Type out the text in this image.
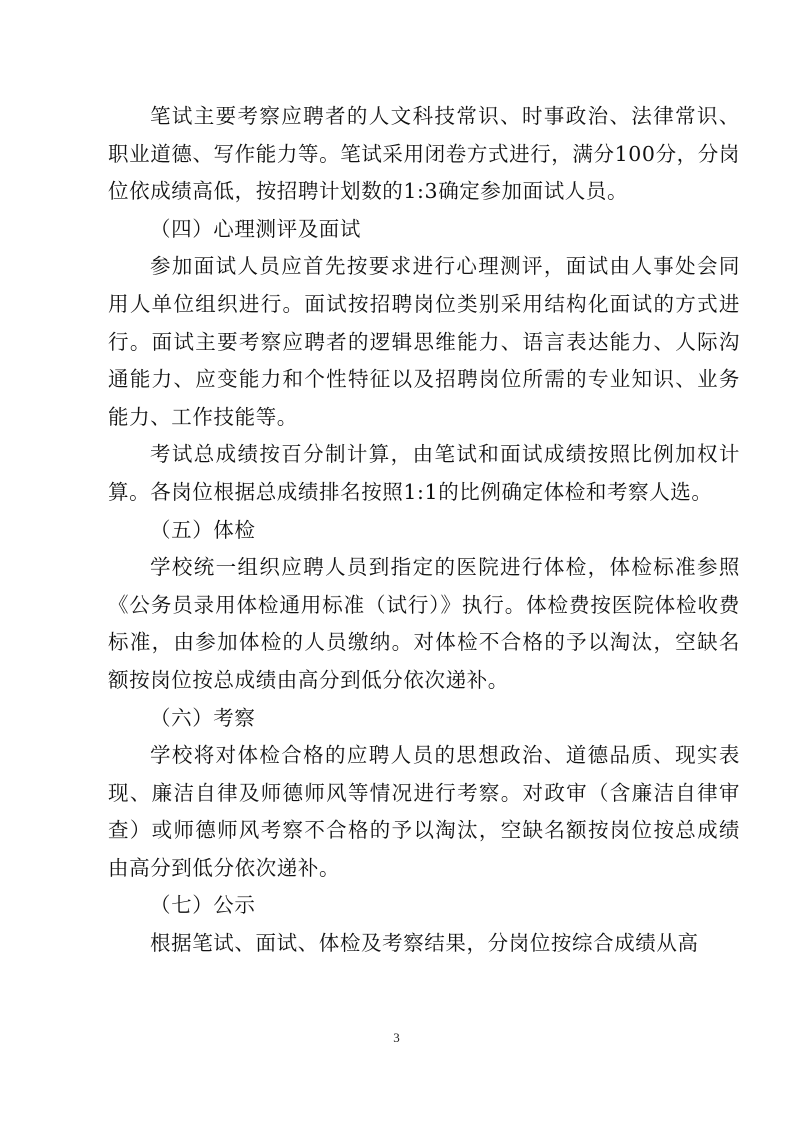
笔试主要考察应聘者的人文科技常识、时事政治、法律常识、职业道德、写作能力等。笔试采用闭卷方式进行，满分100分，分岗位依成绩高低，按招聘计划数的1:3确定参加面试人员。

（四）心理测评及面试

参加面试人员应首先按要求进行心理测评，面试由人事处会同用人单位组织进行。面试按招聘岗位类别采用结构化面试的方式进行。面试主要考察应聘者的逻辑思维能力、语言表达能力、人际沟通能力、应变能力和个性特征以及招聘岗位所需的专业知识、业务能力、工作技能等。

考试总成绩按百分制计算，由笔试和面试成绩按照比例加权计算。各岗位根据总成绩排名按照1:1的比例确定体检和考察人选。

（五）体检

学校统一组织应聘人员到指定的医院进行体检，体检标准参照《公务员录用体检通用标准（试行）》执行。体检费按医院体检收费标准，由参加体检的人员缴纳。对体检不合格的予以淘汰，空缺名额按岗位按总成绩由高分到低分依次递补。

（六）考察

学校将对体检合格的应聘人员的思想政治、道德品质、现实表现、廉洁自律及师德师风等情况进行考察。对政审（含廉洁自律审查）或师德师风考察不合格的予以淘汰，空缺名额按岗位按总成绩由高分到低分依次递补。

（七）公示

根据笔试、面试、体检及考察结果，分岗位按综合成绩从高

3
